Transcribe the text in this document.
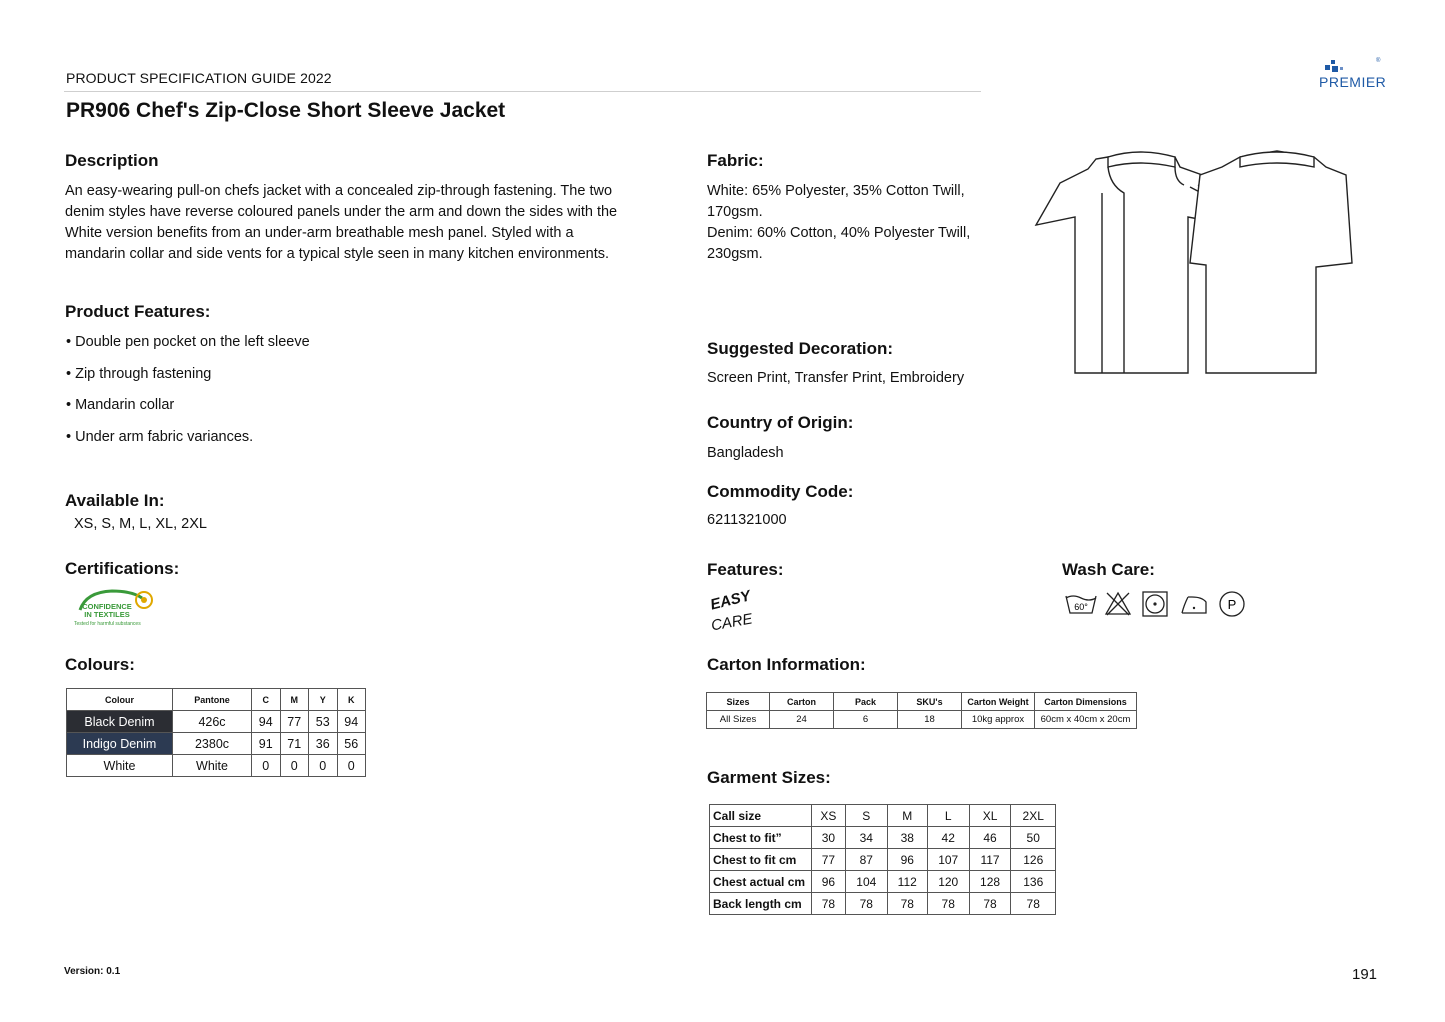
PRODUCT SPECIFICATION GUIDE 2022
PR906 Chef's Zip-Close Short Sleeve Jacket
®
PREMIER
Description
An easy-wearing pull-on chefs jacket with a concealed zip-through fastening. The two
denim styles have reverse coloured panels under the arm and down the sides with the
White version benefits from an under-arm breathable mesh panel. Styled with a
mandarin collar and side vents for a typical style seen in many kitchen environments.
Product Features:
• Double pen pocket on the left sleeve
• Zip through fastening
• Mandarin collar
• Under arm fabric variances.
Available In:
XS, S, M, L, XL, 2XL
Certifications:
CONFIDENCE
IN TEXTILES
Tested for harmful substances
Colours:
Colour	Pantone	C	M	Y	K
Black Denim	426c	94	77	53	94
Indigo Denim	2380c	91	71	36	56
White	White	0	0	0	0
Fabric:
White: 65% Polyester, 35% Cotton Twill,
170gsm.
Denim: 60% Cotton, 40% Polyester Twill,
230gsm.
Suggested Decoration:
Screen Print, Transfer Print, Embroidery
Country of Origin:
Bangladesh
Commodity Code:
6211321000
Features:
EASY
CARE
Wash Care:
60°	P
Carton Information:
Sizes	Carton	Pack	SKU's	Carton Weight	Carton Dimensions
All Sizes	24	6	18	10kg approx	60cm x 40cm x 20cm
Garment Sizes:
Call size	XS	S	M	L	XL	2XL
Chest to fit”	30	34	38	42	46	50
Chest to fit cm	77	87	96	107	117	126
Chest actual cm	96	104	112	120	128	136
Back length cm	78	78	78	78	78	78
Version: 0.1	191
